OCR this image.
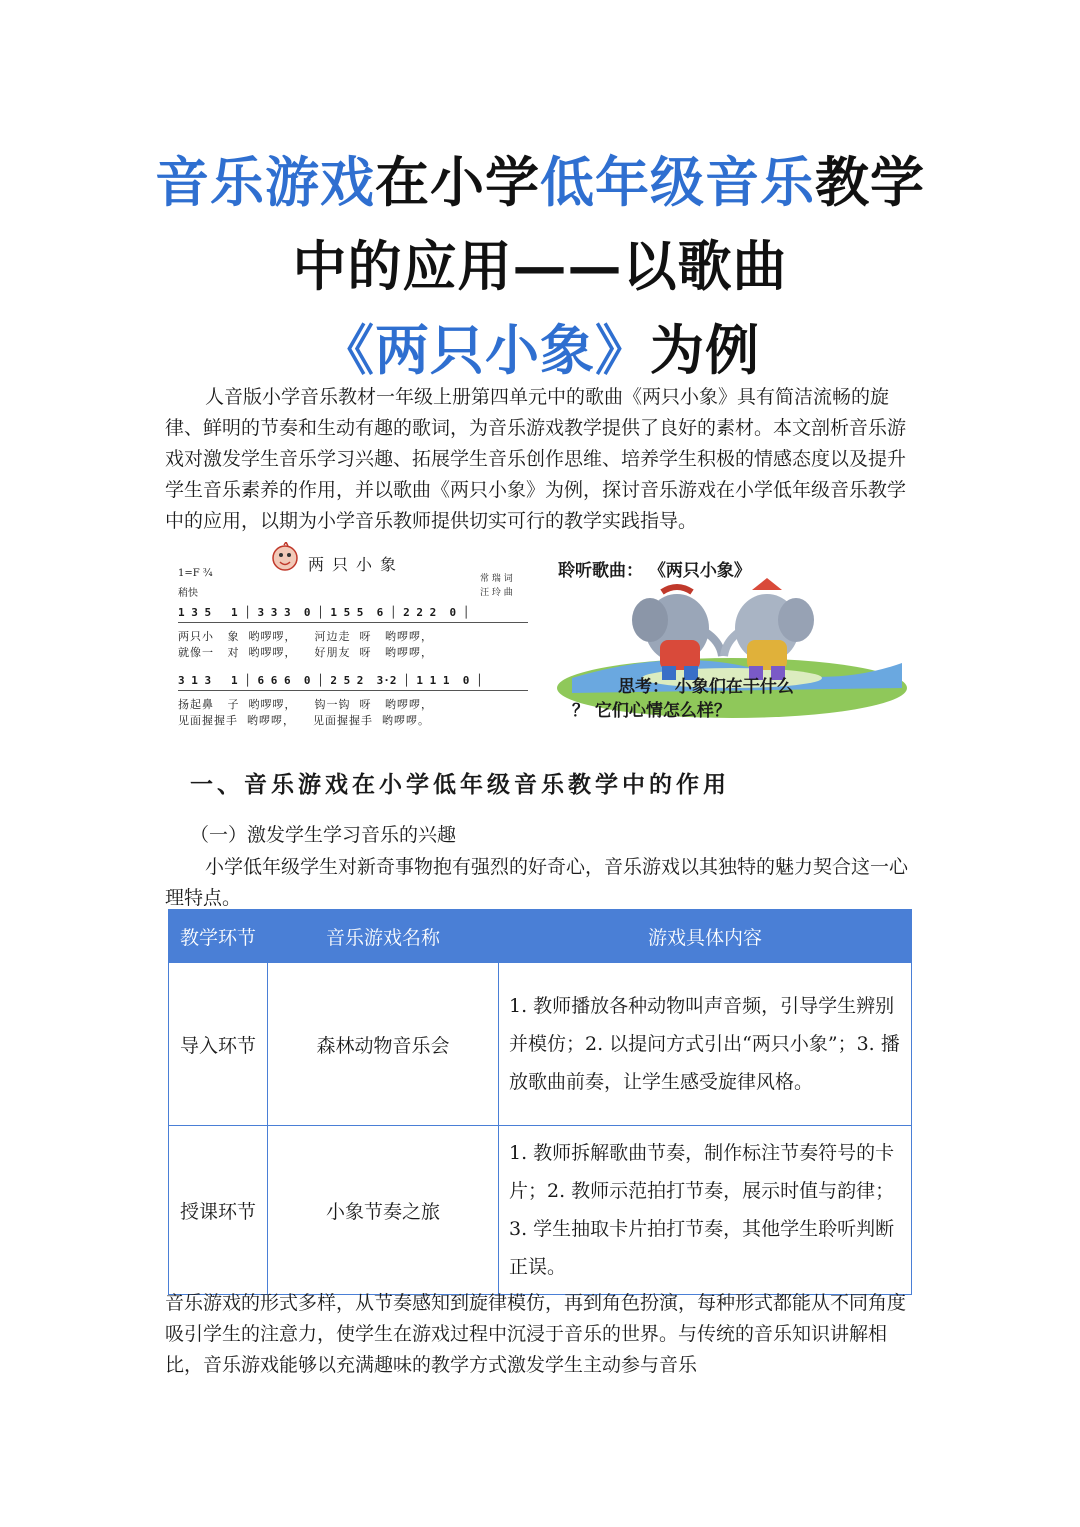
音乐游戏在小学低年级音乐教学
中的应用——以歌曲
《两只小象》为例
人音版小学音乐教材一年级上册第四单元中的歌曲《两只小象》具有简洁流畅的旋律、鲜明的节奏和生动有趣的歌词，为音乐游戏教学提供了良好的素材。本文剖析音乐游戏对激发学生音乐学习兴趣、拓展学生音乐创作思维、培养学生积极的情感态度以及提升学生音乐素养的作用，并以歌曲《两只小象》为例，探讨音乐游戏在小学低年级音乐教学中的应用，以期为小学音乐教师提供切实可行的教学实践指导。
两只小象
1=F ¾
稍快
常 瑞 词
汪 玲 曲
1 3 5   1 │ 3 3 3  0 │ 1 5 5  6 │ 2 2 2  0 │
两只小   象  哟啰啰，    河边走  呀   哟啰啰，
就像一   对  哟啰啰，    好朋友  呀   哟啰啰，
3 1 3   1 │ 6 6 6  0 │ 2 5 2  3·2 │ 1 1 1  0 │
扬起鼻   子  哟啰啰，    钩一钩  呀   哟啰啰，
见面握握手  哟啰啰，    见面握握手  哟啰啰。
聆听歌曲： 《两只小象》
思考： 小象们在干什么
？ 它们心情怎么样？
一、音乐游戏在小学低年级音乐教学中的作用
（一）激发学生学习音乐的兴趣
小学低年级学生对新奇事物抱有强烈的好奇心，音乐游戏以其独特的魅力契合这一心理特点。
教学环节	音乐游戏名称	游戏具体内容
导入环节	森林动物音乐会	1. 教师播放各种动物叫声音频，引导学生辨别并模仿；2. 以提问方式引出“两只小象”；3. 播放歌曲前奏，让学生感受旋律风格。
授课环节	小象节奏之旅	1. 教师拆解歌曲节奏，制作标注节奏符号的卡片；2. 教师示范拍打节奏，展示时值与韵律；3. 学生抽取卡片拍打节奏，其他学生聆听判断正误。
音乐游戏的形式多样，从节奏感知到旋律模仿，再到角色扮演，每种形式都能从不同角度吸引学生的注意力，使学生在游戏过程中沉浸于音乐的世界。与传统的音乐知识讲解相比，音乐游戏能够以充满趣味的教学方式激发学生主动参与音乐
